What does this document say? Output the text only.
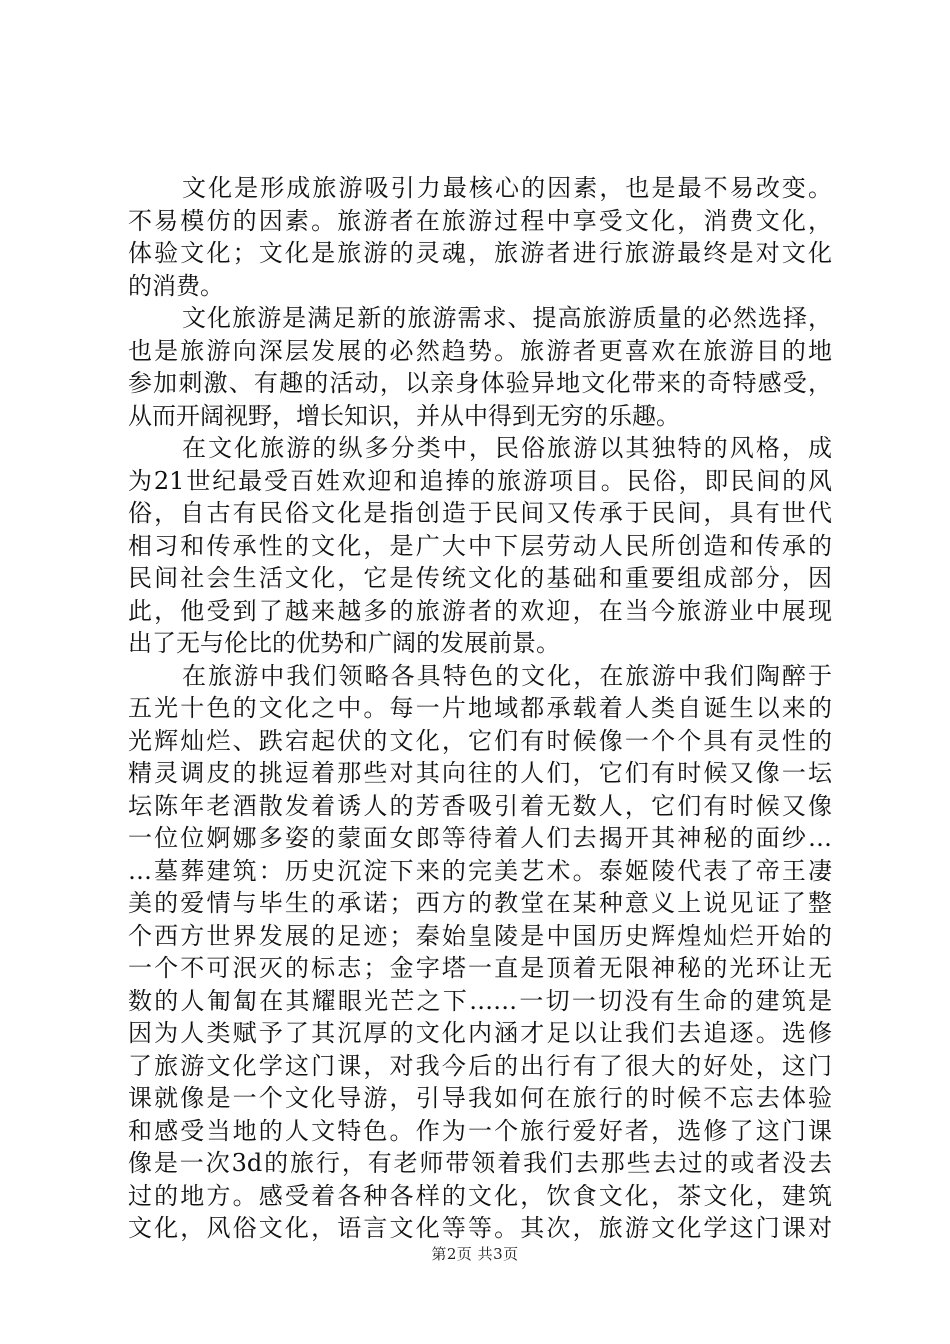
文化是形成旅游吸引力最核心的因素，也是最不易改变。
不易模仿的因素。旅游者在旅游过程中享受文化，消费文化，
体验文化；文化是旅游的灵魂，旅游者进行旅游最终是对文化
的消费。
文化旅游是满足新的旅游需求、提高旅游质量的必然选择，
也是旅游向深层发展的必然趋势。旅游者更喜欢在旅游目的地
参加刺激、有趣的活动，以亲身体验异地文化带来的奇特感受，
从而开阔视野，增长知识，并从中得到无穷的乐趣。
在文化旅游的纵多分类中，民俗旅游以其独特的风格，成
为21世纪最受百姓欢迎和追捧的旅游项目。民俗，即民间的风
俗，自古有民俗文化是指创造于民间又传承于民间，具有世代
相习和传承性的文化，是广大中下层劳动人民所创造和传承的
民间社会生活文化，它是传统文化的基础和重要组成部分，因
此，他受到了越来越多的旅游者的欢迎，在当今旅游业中展现
出了无与伦比的优势和广阔的发展前景。
在旅游中我们领略各具特色的文化，在旅游中我们陶醉于
五光十色的文化之中。每一片地域都承载着人类自诞生以来的
光辉灿烂、跌宕起伏的文化，它们有时候像一个个具有灵性的
精灵调皮的挑逗着那些对其向往的人们，它们有时候又像一坛
坛陈年老酒散发着诱人的芳香吸引着无数人，它们有时候又像
一位位婀娜多姿的蒙面女郎等待着人们去揭开其神秘的面纱…
…墓葬建筑：历史沉淀下来的完美艺术。泰姬陵代表了帝王凄
美的爱情与毕生的承诺；西方的教堂在某种意义上说见证了整
个西方世界发展的足迹；秦始皇陵是中国历史辉煌灿烂开始的
一个不可泯灭的标志；金字塔一直是顶着无限神秘的光环让无
数的人匍匐在其耀眼光芒之下……一切一切没有生命的建筑是
因为人类赋予了其沉厚的文化内涵才足以让我们去追逐。选修
了旅游文化学这门课，对我今后的出行有了很大的好处，这门
课就像是一个文化导游，引导我如何在旅行的时候不忘去体验
和感受当地的人文特色。作为一个旅行爱好者，选修了这门课
像是一次3d的旅行，有老师带领着我们去那些去过的或者没去
过的地方。感受着各种各样的文化，饮食文化，茶文化，建筑
文化，风俗文化，语言文化等等。其次，旅游文化学这门课对
第2页 共3页
